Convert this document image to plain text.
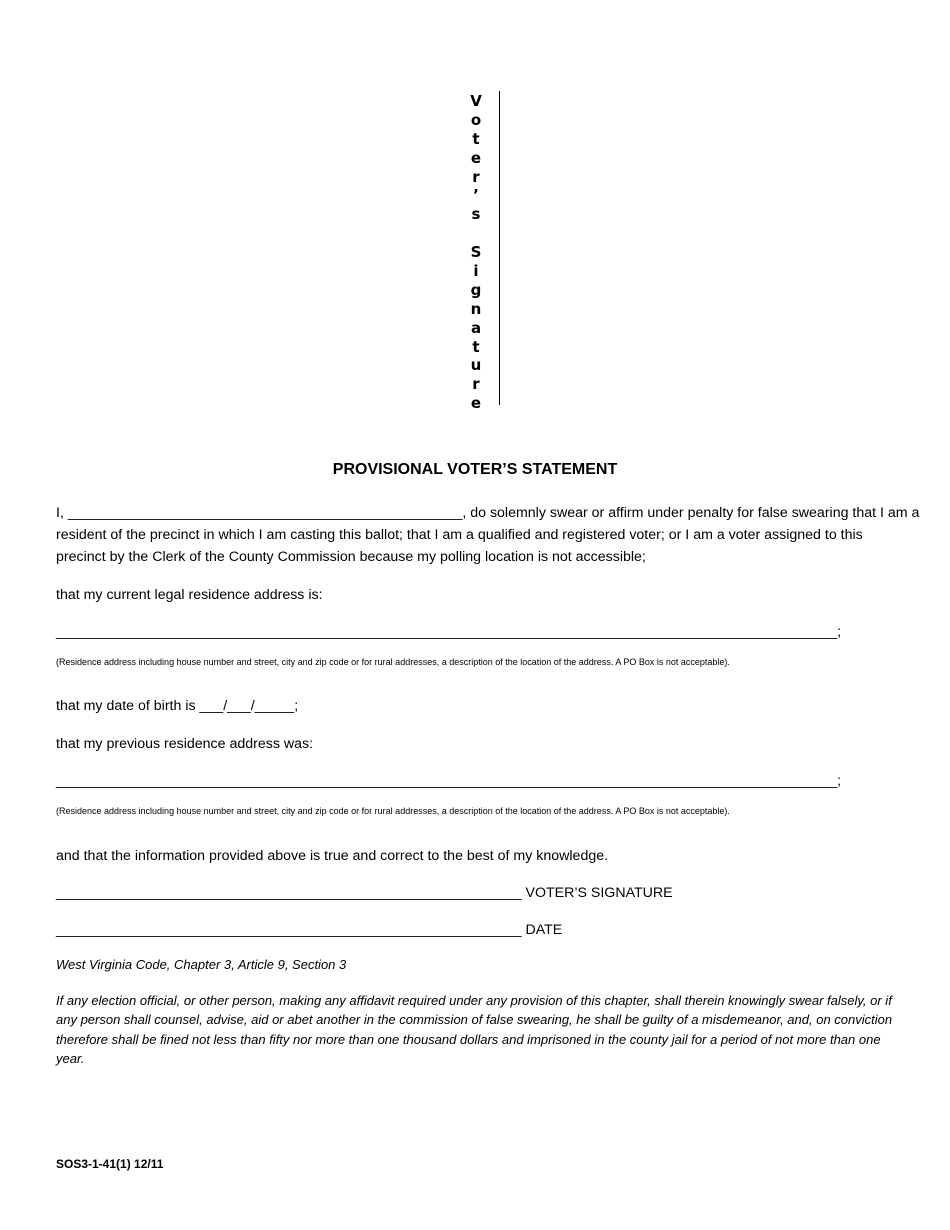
V
o
t
e
r
’
s

S
i
g
n
a
t
u
r
e
PROVISIONAL VOTER’S STATEMENT
I, __________________________________________________, do solemnly swear or affirm under penalty for false swearing that I am a
resident of the precinct in which I am casting this ballot; that I am a qualified and registered voter; or I am a voter assigned to this
precinct by the Clerk of the County Commission because my polling location is not accessible;
that my current legal residence address is:
___________________________________________________________________________________________________;
(Residence address including house number and street, city and zip code or for rural addresses, a description of the location of the address. A PO Box is not acceptable).
that my date of birth is ___/___/_____;
that my previous residence address was:
___________________________________________________________________________________________________;
(Residence address including house number and street, city and zip code or for rural addresses, a description of the location of the address. A PO Box is not acceptable).
and that the information provided above is true and correct to the best of my knowledge.
___________________________________________________________ VOTER’S SIGNATURE
___________________________________________________________ DATE
West Virginia Code, Chapter 3, Article 9, Section 3
If any election official, or other person, making any affidavit required under any provision of this chapter, shall therein knowingly swear falsely, or if
any person shall counsel, advise, aid or abet another in the commission of false swearing, he shall be guilty of a misdemeanor, and, on conviction
therefore shall be fined not less than fifty nor more than one thousand dollars and imprisoned in the county jail for a period of not more than one
year.
SOS3-1-41(1) 12/11
